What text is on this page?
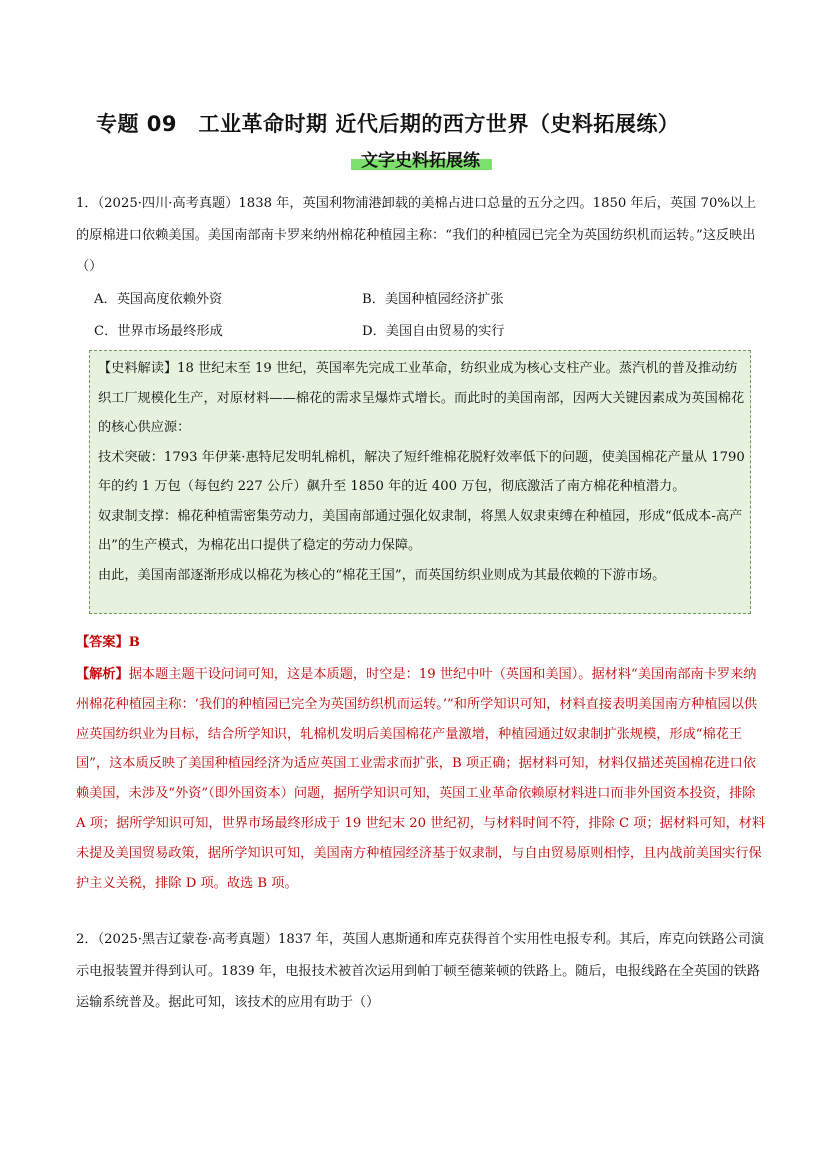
专题 09　工业革命时期 近代后期的西方世界（史料拓展练）
文字史料拓展练
1．（2025·四川·高考真题）1838 年，英国利物浦港卸载的美棉占进口总量的五分之四。1850 年后，英国 70%以上的原棉进口依赖美国。美国南部南卡罗来纳州棉花种植园主称：“我们的种植园已完全为英国纺织机而运转。”这反映出（）
A．英国高度依赖外资	B．美国种植园经济扩张
C．世界市场最终形成	D．美国自由贸易的实行

【史料解读】18 世纪末至 19 世纪，英国率先完成工业革命，纺织业成为核心支柱产业。蒸汽机的普及推动纺织工厂规模化生产，对原材料——棉花的需求呈爆炸式增长。而此时的美国南部，因两大关键因素成为英国棉花的核心供应源：

技术突破：1793 年伊莱·惠特尼发明轧棉机，解决了短纤维棉花脱籽效率低下的问题，使美国棉花产量从 1790 年的约 1 万包（每包约 227 公斤）飙升至 1850 年的近 400 万包，彻底激活了南方棉花种植潜力。

奴隶制支撑：棉花种植需密集劳动力，美国南部通过强化奴隶制，将黑人奴隶束缚在种植园，形成“低成本-高产出”的生产模式，为棉花出口提供了稳定的劳动力保障。

由此，美国南部逐渐形成以棉花为核心的“棉花王国”，而英国纺织业则成为其最依赖的下游市场。

【答案】B
【解析】据本题主题干设问词可知，这是本质题，时空是：19 世纪中叶（英国和美国）。据材料“美国南部南卡罗来纳州棉花种植园主称：‘我们的种植园已完全为英国纺织机而运转。’”和所学知识可知，材料直接表明美国南方种植园以供应英国纺织业为目标，结合所学知识，轧棉机发明后美国棉花产量激增，种植园通过奴隶制扩张规模，形成“棉花王国”，这本质反映了美国种植园经济为适应英国工业需求而扩张，B 项正确；据材料可知，材料仅描述英国棉花进口依赖美国，未涉及“外资”（即外国资本）问题，据所学知识可知，英国工业革命依赖原材料进口而非外国资本投资，排除 A 项；据所学知识可知，世界市场最终形成于 19 世纪末 20 世纪初，与材料时间不符，排除 C 项；据材料可知，材料未提及美国贸易政策，据所学知识可知，美国南方种植园经济基于奴隶制，与自由贸易原则相悖，且内战前美国实行保护主义关税，排除 D 项。故选 B 项。
2．（2025·黑吉辽蒙卷·高考真题）1837 年，英国人惠斯通和库克获得首个实用性电报专利。其后，库克向铁路公司演示电报装置并得到认可。1839 年，电报技术被首次运用到帕丁顿至德莱顿的铁路上。随后，电报线路在全英国的铁路运输系统普及。据此可知，该技术的应用有助于（）
